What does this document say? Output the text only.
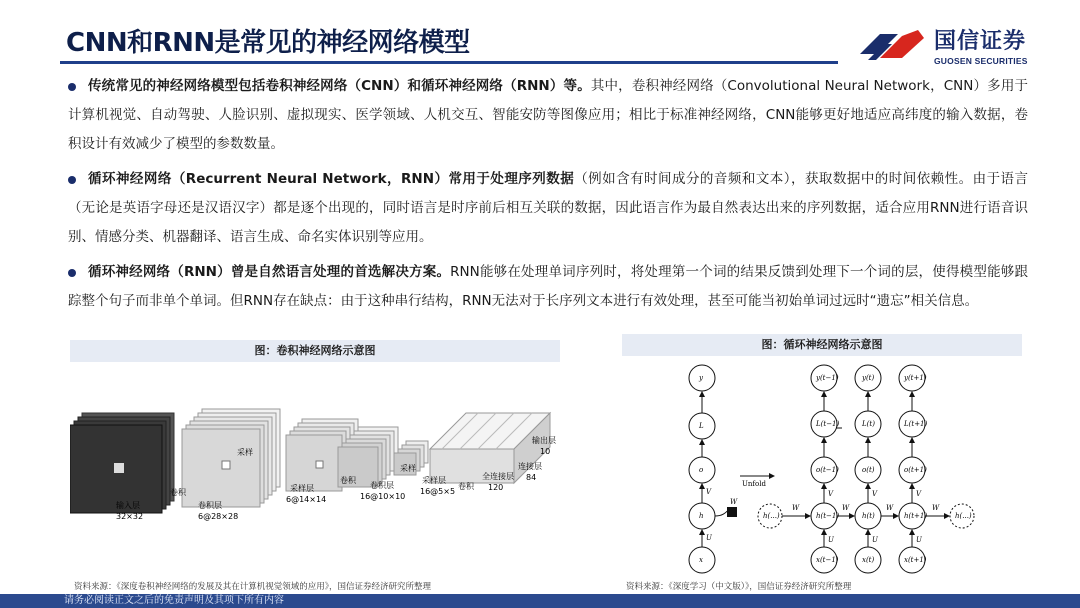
CNN和RNN是常见的神经网络模型	国信证券
GUOSEN SECURITIES
传统常见的神经网络模型包括卷积神经网络（CNN）和循环神经网络（RNN）等。其中，卷积神经网络（Convolutional Neural Network，CNN）多用于计算机视觉、自动驾驶、人脸识别、虚拟现实、医学领域、人机交互、智能安防等图像应用；相比于标准神经网络，CNN能够更好地适应高纬度的输入数据，卷积设计有效减少了模型的参数数量。
循环神经网络（Recurrent Neural Network，RNN）常用于处理序列数据（例如含有时间成分的音频和文本），获取数据中的时间依赖性。由于语言（无论是英语字母还是汉语汉字）都是逐个出现的，同时语言是时序前后相互关联的数据，因此语言作为最自然表达出来的序列数据，适合应用RNN进行语音识别、情感分类、机器翻译、语言生成、命名实体识别等应用。
循环神经网络（RNN）曾是自然语言处理的首选解决方案。RNN能够在处理单词序列时，将处理第一个词的结果反馈到处理下一个词的层，使得模型能够跟踪整个句子而非单个单词。但RNN存在缺点：由于这种串行结构，RNN无法对于长序列文本进行有效处理，甚至可能当初始单词过远时“遗忘”相关信息。
图：卷积神经网络示意图	图：循环神经网络示意图
卷积
采样
卷积
采样
卷积
输入层
32×32
卷积层
6@28×28
采样层
6@14×14
卷积层
16@10×10
采样层
16@5×5
全连接层
120
连接层
84
输出层
10
y
L
o
h
x
V
W
U
Unfold
y(t−1)	y(t)	y(t+1)
L(t−1)	L(t)	L(t+1)
o(t−1)	o(t)	o(t+1)
h(...)	h(t−1)	h(t)	h(t+1)	h(...)
x(t−1)	x(t)	x(t+1)
W	W	W	W
V	V	V
U	U	U
资料来源：《深度卷积神经网络的发展及其在计算机视觉领域的应用》，国信证券经济研究所整理	资料来源：《深度学习（中文版）》，国信证券经济研究所整理
请务必阅读正文之后的免责声明及其项下所有内容
